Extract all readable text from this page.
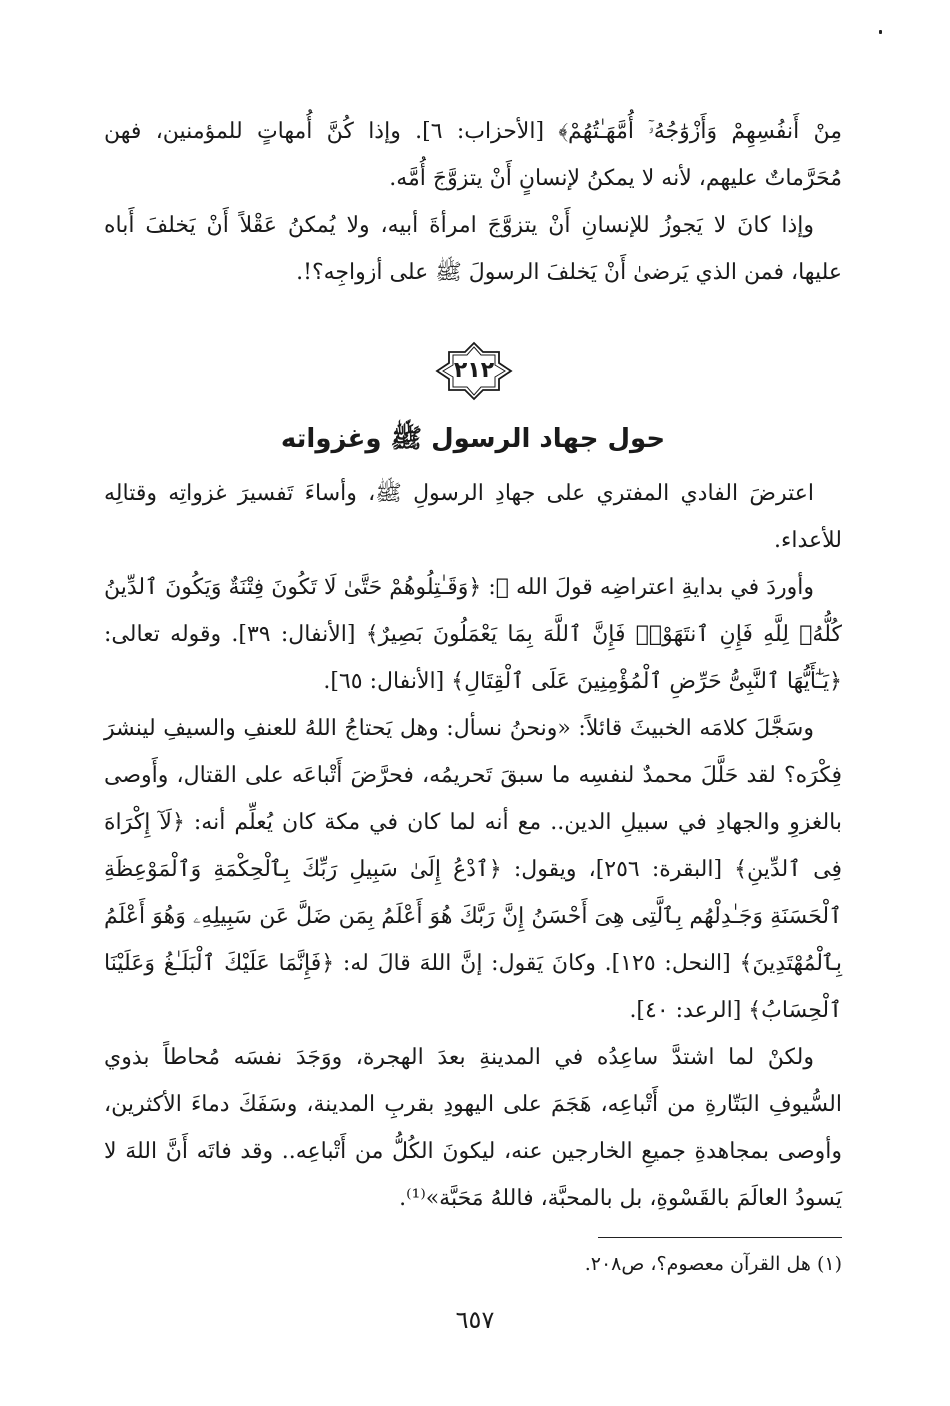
مِنْ أَنفُسِهِمْ وَأَزْوَٰجُهُۥٓ أُمَّهَـٰتُهُمْ﴾ [الأحزاب: ٦]. وإذا كُنَّ أُمهاتٍ للمؤمنين، فهن مُحَرَّماتٌ عليهم، لأنه لا يمكنُ لإنسانٍ أَنْ يتزوَّجَ أُمَّه.

وإذا كانَ لا يَجوزُ للإنسانِ أَنْ يتزوَّجَ امرأةَ أبيه، ولا يُمكنُ عَقْلاً أَنْ يَخلفَ أَباه عليها، فمن الذي يَرضىٰ أَنْ يَخلفَ الرسولَ ﷺ على أزواجِه؟!.

٢١٢
حول جهاد الرسول ﷺ وغزواته

اعترضَ الفادي المفتري على جهادِ الرسولِ ﷺ، وأساءَ تَفسيرَ غزواتِه وقتالِه للأعداء.

وأوردَ في بدايةِ اعتراضِه قولَ الله ﷻ: ﴿وَقَـٰتِلُوهُمْ حَتَّىٰ لَا تَكُونَ فِتْنَةٌ وَيَكُونَ ٱلدِّينُ كُلُّهُۥ لِلَّهِ فَإِنِ ٱنتَهَوْا۟ فَإِنَّ ٱللَّهَ بِمَا يَعْمَلُونَ بَصِيرٌ﴾ [الأنفال: ٣٩]. وقوله تعالى: ﴿يَـٰٓأَيُّهَا ٱلنَّبِىُّ حَرِّضِ ٱلْمُؤْمِنِينَ عَلَى ٱلْقِتَالِ﴾ [الأنفال: ٦٥].

وسَجَّلَ كلامَه الخبيثَ قائلاً: «ونحنُ نسأل: وهل يَحتاجُ اللهُ للعنفِ والسيفِ لينشرَ فِكْرَه؟ لقد حَلَّلَ محمدٌ لنفسِه ما سبقَ تَحريمُه، فحرَّضَ أَتْباعَه على القتال، وأَوصى بالغزوِ والجهادِ في سبيلِ الدين.. مع أنه لما كان في مكة كان يُعلِّم أنه: ﴿لَآ إِكْرَاهَ فِى ٱلدِّينِ﴾ [البقرة: ٢٥٦]، ويقول: ﴿ٱدْعُ إِلَىٰ سَبِيلِ رَبِّكَ بِٱلْحِكْمَةِ وَٱلْمَوْعِظَةِ ٱلْحَسَنَةِ وَجَـٰدِلْهُم بِٱلَّتِى هِىَ أَحْسَنُ إِنَّ رَبَّكَ هُوَ أَعْلَمُ بِمَن ضَلَّ عَن سَبِيلِهِۦ وَهُوَ أَعْلَمُ بِٱلْمُهْتَدِينَ﴾ [النحل: ١٢٥]. وكانَ يَقول: إنَّ اللهَ قالَ له: ﴿فَإِنَّمَا عَلَيْكَ ٱلْبَلَـٰغُ وَعَلَيْنَا ٱلْحِسَابُ﴾ [الرعد: ٤٠].

ولكنْ لما اشتدَّ ساعِدُه في المدينةِ بعدَ الهجرة، ووَجَدَ نفسَه مُحاطاً بذوي السُّيوفِ البَتّارةِ من أَتْباعِه، هَجَمَ على اليهودِ بقربِ المدينة، وسَفَكَ دماءَ الأكثرين، وأوصى بمجاهدةِ جميعِ الخارجين عنه، ليكونَ الكُلُّ من أَتْباعِه.. وقد فاتَه أَنَّ اللهَ لا يَسودُ العالَمَ بالقَسْوةِ، بل بالمحبَّة، فاللهُ مَحَبَّة»⁽¹⁾.

(١) هل القرآن معصوم؟، ص٢٠٨.

٦٥٧
